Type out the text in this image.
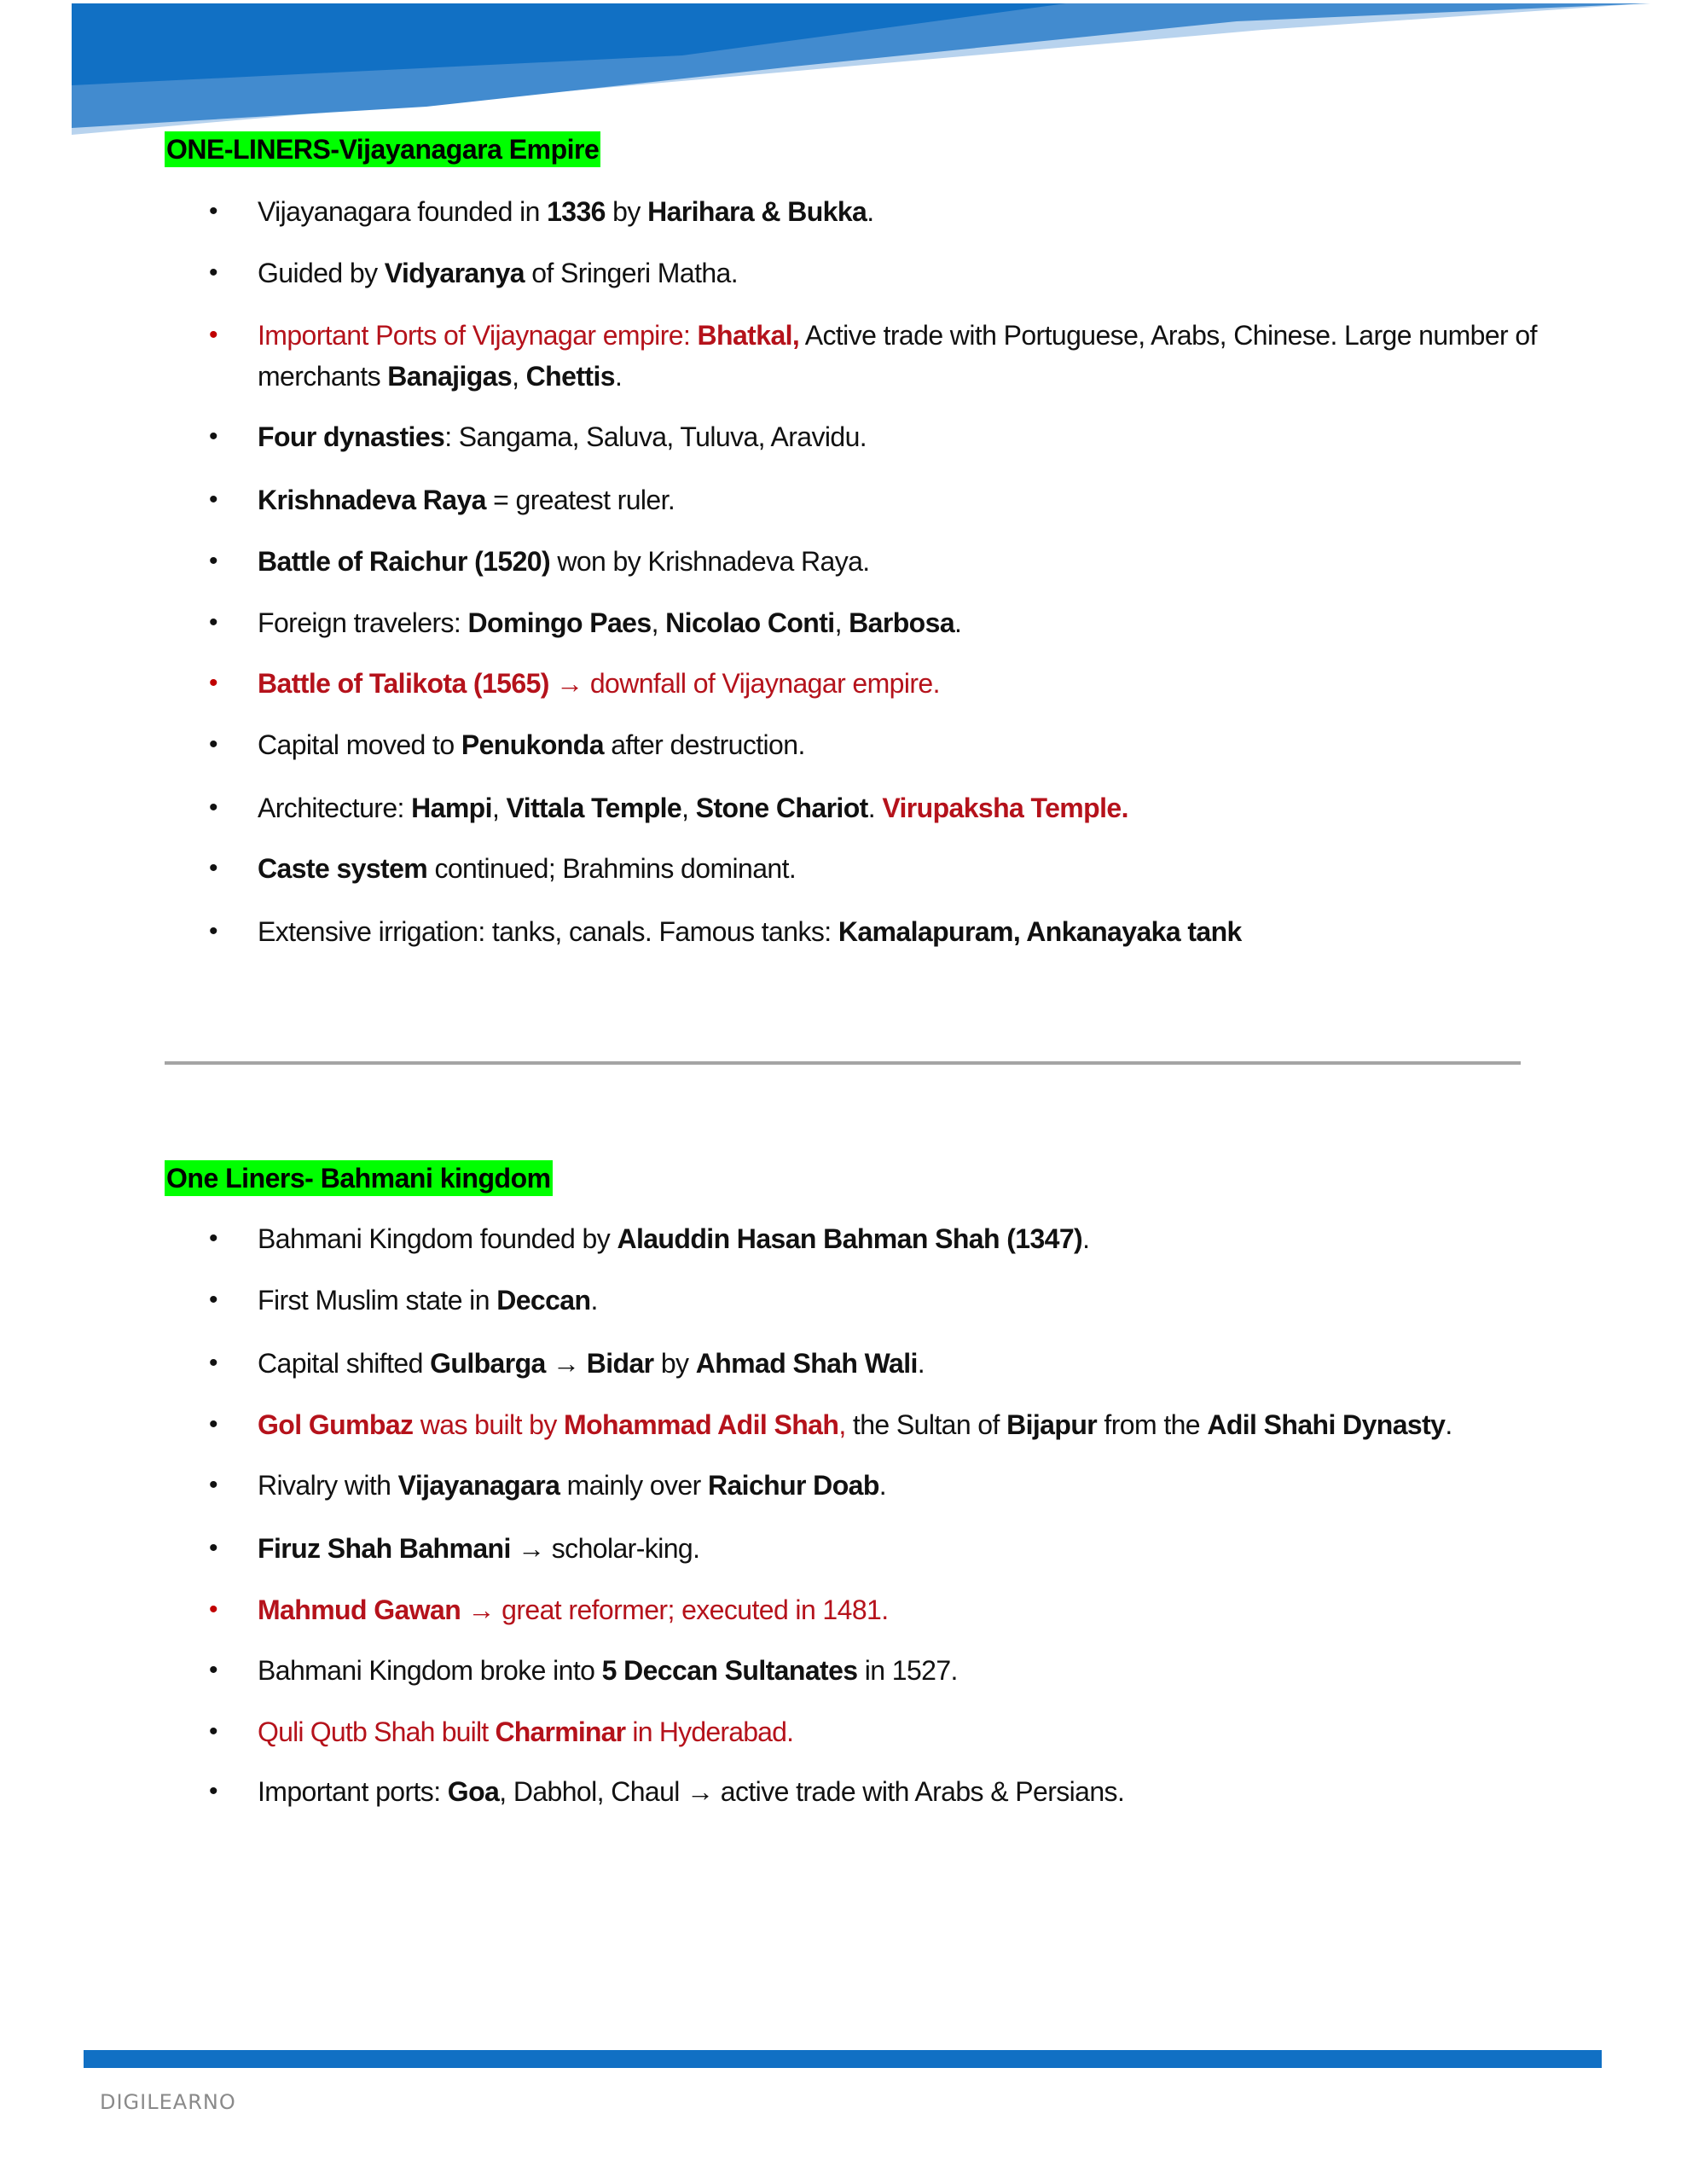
ONE-LINERS-Vijayanagara Empire
• Vijayanagara founded in 1336 by Harihara & Bukka.
• Guided by Vidyaranya of Sringeri Matha.
• Important Ports of Vijaynagar empire: Bhatkal, Active trade with Portuguese, Arabs, Chinese. Large number of merchants Banajigas, Chettis.
• Four dynasties: Sangama, Saluva, Tuluva, Aravidu.
• Krishnadeva Raya = greatest ruler.
• Battle of Raichur (1520) won by Krishnadeva Raya.
• Foreign travelers: Domingo Paes, Nicolao Conti, Barbosa.
• Battle of Talikota (1565) → downfall of Vijaynagar empire.
• Capital moved to Penukonda after destruction.
• Architecture: Hampi, Vittala Temple, Stone Chariot. Virupaksha Temple.
• Caste system continued; Brahmins dominant.
• Extensive irrigation: tanks, canals. Famous tanks: Kamalapuram, Ankanayaka tank
One Liners- Bahmani kingdom
• Bahmani Kingdom founded by Alauddin Hasan Bahman Shah (1347).
• First Muslim state in Deccan.
• Capital shifted Gulbarga → Bidar by Ahmad Shah Wali.
• Gol Gumbaz was built by Mohammad Adil Shah, the Sultan of Bijapur from the Adil Shahi Dynasty.
• Rivalry with Vijayanagara mainly over Raichur Doab.
• Firuz Shah Bahmani → scholar-king.
• Mahmud Gawan → great reformer; executed in 1481.
• Bahmani Kingdom broke into 5 Deccan Sultanates in 1527.
• Quli Qutb Shah built Charminar in Hyderabad.
• Important ports: Goa, Dabhol, Chaul → active trade with Arabs & Persians.
DIGILEARNO
